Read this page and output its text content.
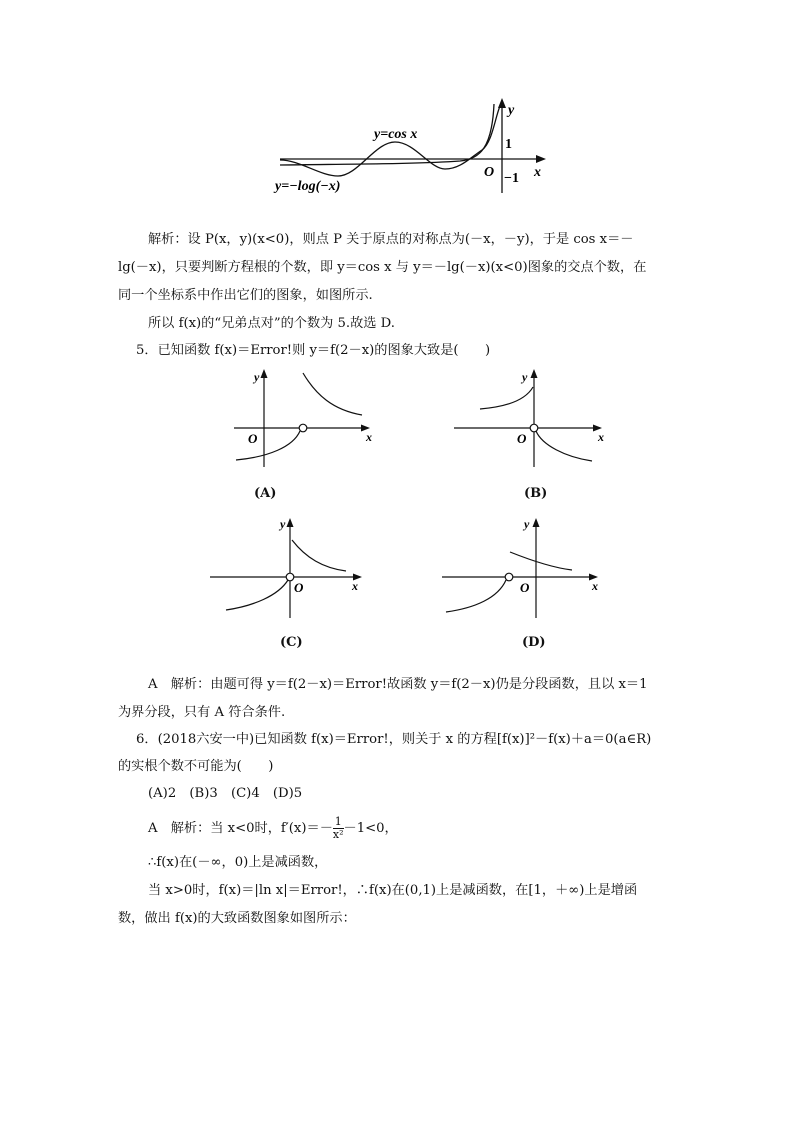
y=cos x
y=−log(−x)
y
x
O
1
−1
解析：设 P(x，y)(x<0)，则点 P 关于原点的对称点为(－x，－y)，于是 cos x＝－
lg(－x)，只要判断方程根的个数，即 y＝cos x 与 y＝－lg(－x)(x<0)图象的交点个数，在
同一个坐标系中作出它们的图象，如图所示.
所以 f(x)的“兄弟点对”的个数为 5.故选 D.
5．已知函数 f(x)＝Error!则 y＝f(2－x)的图象大致是(　　)
y
O	x
(A)
y
O	x
(B)
y
O	x
(C)
y
O	x
(D)
A　解析：由题可得 y＝f(2－x)＝Error!故函数 y＝f(2－x)仍是分段函数，且以 x＝1
为界分段，只有 A 符合条件.
6．(2018六安一中)已知函数 f(x)＝Error!，则关于 x 的方程[f(x)]²－f(x)＋a＝0(a∈R)
的实根个数不可能为(　　)
(A)2　(B)3　(C)4　(D)5
A　解析：当 x<0时，$f'(x)=- \frac{1}{\text{x²}} -1<0$，
∴f(x)在(－∞，0)上是减函数，
当 x>0时，f(x)＝|ln x|＝Error!，∴f(x)在(0,1)上是减函数，在[1，＋∞)上是增函
数，做出 f(x)的大致函数图象如图所示：
